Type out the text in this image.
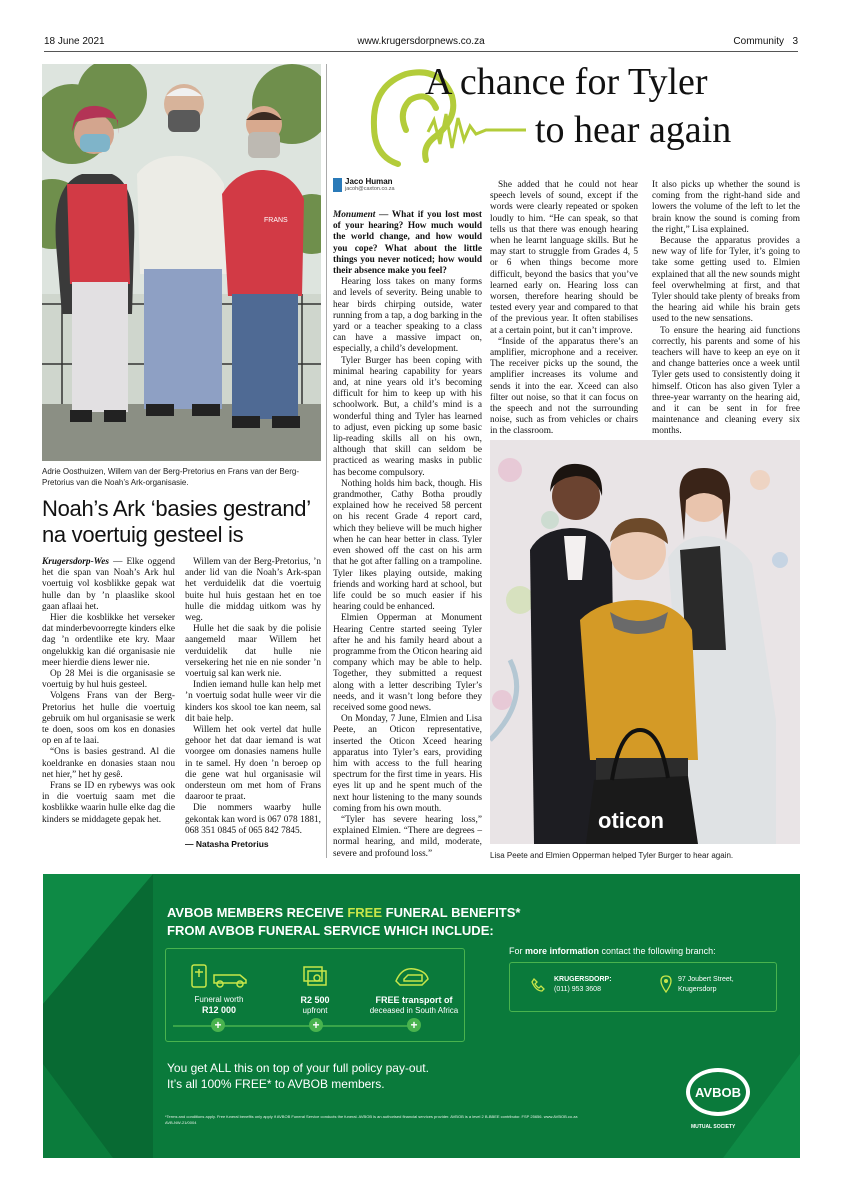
18 June 2021	www.krugersdorpnews.co.za	Community 3
FRANS
Adrie Oosthuizen, Willem van der Berg-Pretorius en Frans van der Berg-Pretorius van die Noah’s Ark-organisasie.
Noah’s Ark ‘basies gestrand’ na voertuig gesteel is

Krugersdorp-Wes — Elke oggend het die span van Noah’s Ark hul voertuig vol kosblikke gepak wat hulle dan by ’n plaaslike skool gaan aflaai het.

Hier die kosblikke het verseker dat minderbevoorregte kinders elke dag ’n ordentlike ete kry. Maar ongelukkig kan dié organisasie nie meer hierdie diens lewer nie.

Op 28 Mei is die organisasie se voertuig by hul huis gesteel.

Volgens Frans van der Berg-Pretorius het hulle die voertuig gebruik om hul organisasie se werk te doen, soos om kos en donasies op en af te laai.

“Ons is basies gestrand. Al die koeldranke en donasies staan nou net hier,” het hy gesê.

Frans se ID en rybewys was ook in die voertuig saam met die kosblikke waarin hulle elke dag die kinders se middagete gepak het.

Willem van der Berg-Pretorius, ’n ander lid van die Noah’s Ark-span het verduidelik dat die voertuig buite hul huis gestaan het en toe hulle die middag uitkom was hy weg.

Hulle het die saak by die polisie aangemeld maar Willem het verduidelik dat hulle nie versekering het nie en nie sonder ’n voertuig sal kan werk nie.

Indien iemand hulle kan help met ’n voertuig sodat hulle weer vir die kinders kos skool toe kan neem, sal dit baie help.

Willem het ook vertel dat hulle gehoor het dat daar iemand is wat voorgee om donasies namens hulle in te samel. Hy doen ’n beroep op die gene wat hul organisasie wil ondersteun om met hom of Frans daaroor te praat.

Die nommers waarby hulle gekontak kan word is 067 078 1881, 068 351 0845 of 065 842 7845.

— Natasha Pretorius
A chance for Tyler
to hear again
Jaco Human
jacoh@caxton.co.za

Monument — What if you lost most of your hearing? How much would the world change, and how would you cope? What about the little things you never noticed; how would their absence make you feel?

Hearing loss takes on many forms and levels of severity. Being unable to hear birds chirping outside, water running from a tap, a dog barking in the yard or a teacher speaking to a class can have a massive impact on, especially, a child’s development.

Tyler Burger has been coping with minimal hearing capability for years and, at nine years old it’s becoming difficult for him to keep up with his schoolwork. But, a child’s mind is a wonderful thing and Tyler has learned to adjust, even picking up some basic lip-reading skills all on his own, although that skill can seldom be practiced as wearing masks in public has become compulsory.

Nothing holds him back, though. His grandmother, Cathy Botha proudly explained how he received 58 percent on his recent Grade 4 report card, which they believe will be much higher when he can hear better in class. Tyler even showed off the cast on his arm that he got after falling on a trampoline. Tyler likes playing outside, making friends and working hard at school, but life could be so much easier if his hearing could be enhanced.

Elmien Opperman at Monument Hearing Centre started seeing Tyler after he and his family heard about a programme from the Oticon hearing aid company which may be able to help. Together, they submitted a request along with a letter describing Tyler’s needs, and it wasn’t long before they received some good news.

On Monday, 7 June, Elmien and Lisa Peete, an Oticon representative, inserted the Oticon Xceed hearing apparatus into Tyler’s ears, providing him with access to the full hearing spectrum for the first time in years. His eyes lit up and he spent much of the next hour listening to the many sounds coming from his own mouth.

“Tyler has severe hearing loss,” explained Elmien. “There are degrees – normal hearing, and mild, moderate, severe and profound loss.”

She added that he could not hear speech levels of sound, except if the words were clearly repeated or spoken loudly to him. “He can speak, so that tells us that there was enough hearing when he learnt language skills. But he may start to struggle from Grades 4, 5 or 6 when things become more difficult, beyond the basics that you’ve learned early on. Hearing loss can worsen, therefore hearing should be tested every year and compared to that of the previous year. It often stabilises at a certain point, but it can’t improve.

“Inside of the apparatus there’s an amplifier, microphone and a receiver. The receiver picks up the sound, the amplifier increases its volume and sends it into the ear. Xceed can also filter out noise, so that it can focus on the speech and not the surrounding noise, such as from vehicles or chairs in the classroom.

It also picks up whether the sound is coming from the right-hand side and lowers the volume of the left to let the brain know the sound is coming from the right,” Lisa explained.

Because the apparatus provides a new way of life for Tyler, it’s going to take some getting used to. Elmien explained that all the new sounds might feel overwhelming at first, and that Tyler should take plenty of breaks from the hearing aid while his brain gets used to the new sensations.

To ensure the hearing aid functions correctly, his parents and some of his teachers will have to keep an eye on it and change batteries once a week until Tyler gets used to consistently doing it himself. Oticon has also given Tyler a three-year warranty on the hearing aid, and it can be sent in for free maintenance and cleaning every six months.

oticon
Lisa Peete and Elmien Opperman helped Tyler Burger to hear again.
AVBOB MEMBERS RECEIVE FREE FUNERAL BENEFITS*
FROM AVBOB FUNERAL SERVICE WHICH INCLUDE:
Funeral worth
R12 000
R2 500
upfront
FREE transport of
deceased in South Africa
+	+	+
You get ALL this on top of your full policy pay-out.
It’s all 100% FREE* to AVBOB members.
For more information contact the following branch:
KRUGERSDORP:
(011) 953 3608
97 Joubert Street,
Krugersdorp
*Terms and conditions apply. Free funeral benefits only apply if AVBOB Funeral Service conducts the funeral. AVBOB is an authorised financial services provider. AVBOB is a level 2 B-BBEE contributor. FSP 25656. www.AVBOB.co.za
AVB-NW-21/0004
AVBOB
MUTUAL SOCIETY
